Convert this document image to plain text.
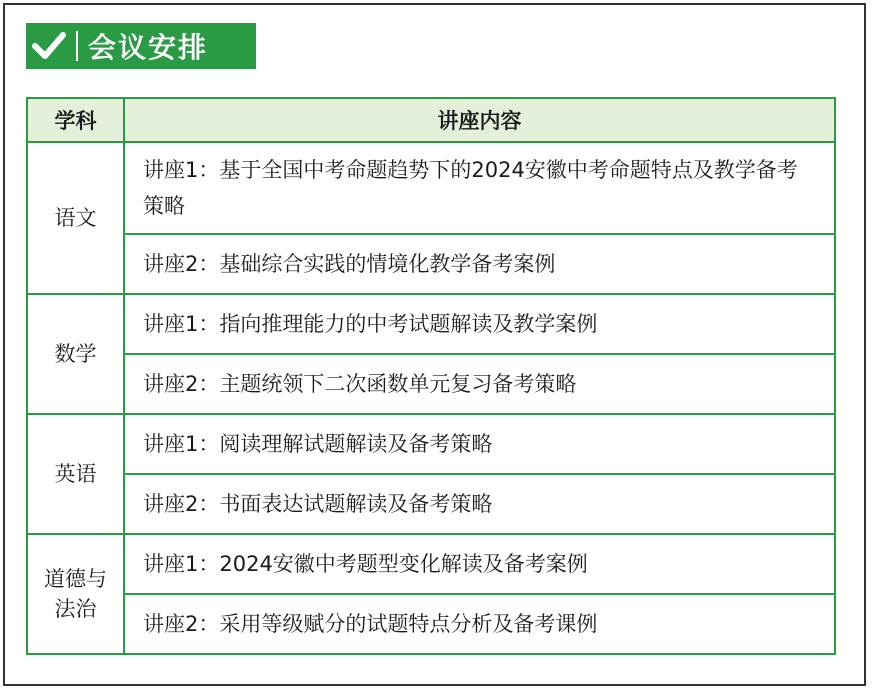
会议安排
学科	讲座内容
语文	讲座1：基于全国中考命题趋势下的2024安徽中考命题特点及教学备考策略
	讲座2：基础综合实践的情境化教学备考案例
数学	讲座1：指向推理能力的中考试题解读及教学案例
	讲座2：主题统领下二次函数单元复习备考策略
英语	讲座1：阅读理解试题解读及备考策略
	讲座2：书面表达试题解读及备考策略
道德与法治	讲座1：2024安徽中考题型变化解读及备考案例
	讲座2：采用等级赋分的试题特点分析及备考课例
